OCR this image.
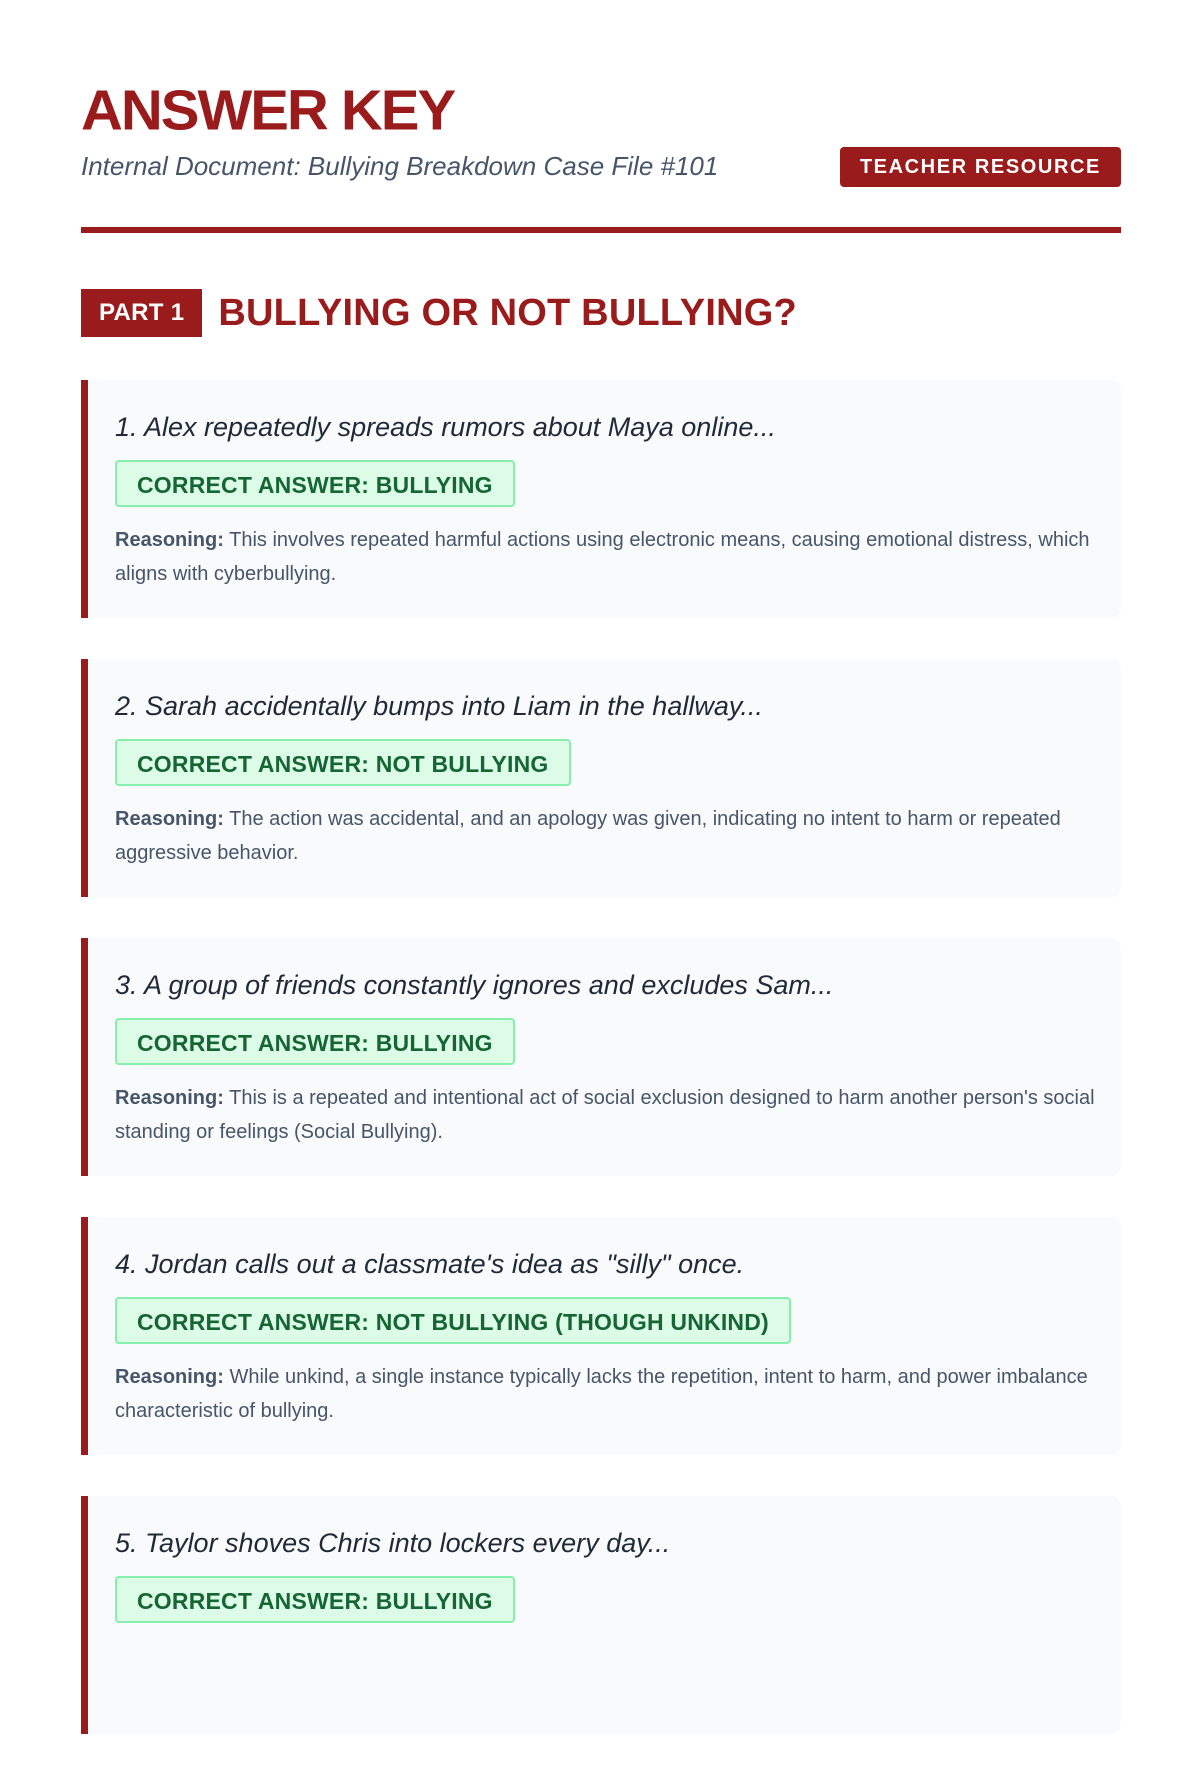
ANSWER KEY
Internal Document: Bullying Breakdown Case File #101	TEACHER RESOURCE
PART 1 BULLYING OR NOT BULLYING?
1. Alex repeatedly spreads rumors about Maya online...
CORRECT ANSWER: BULLYING
Reasoning: This involves repeated harmful actions using electronic means, causing emotional distress, which aligns with cyberbullying.
2. Sarah accidentally bumps into Liam in the hallway...
CORRECT ANSWER: NOT BULLYING
Reasoning: The action was accidental, and an apology was given, indicating no intent to harm or repeated aggressive behavior.
3. A group of friends constantly ignores and excludes Sam...
CORRECT ANSWER: BULLYING
Reasoning: This is a repeated and intentional act of social exclusion designed to harm another person's social standing or feelings (Social Bullying).
4. Jordan calls out a classmate's idea as "silly" once.
CORRECT ANSWER: NOT BULLYING (THOUGH UNKIND)
Reasoning: While unkind, a single instance typically lacks the repetition, intent to harm, and power imbalance characteristic of bullying.
5. Taylor shoves Chris into lockers every day...
CORRECT ANSWER: BULLYING
